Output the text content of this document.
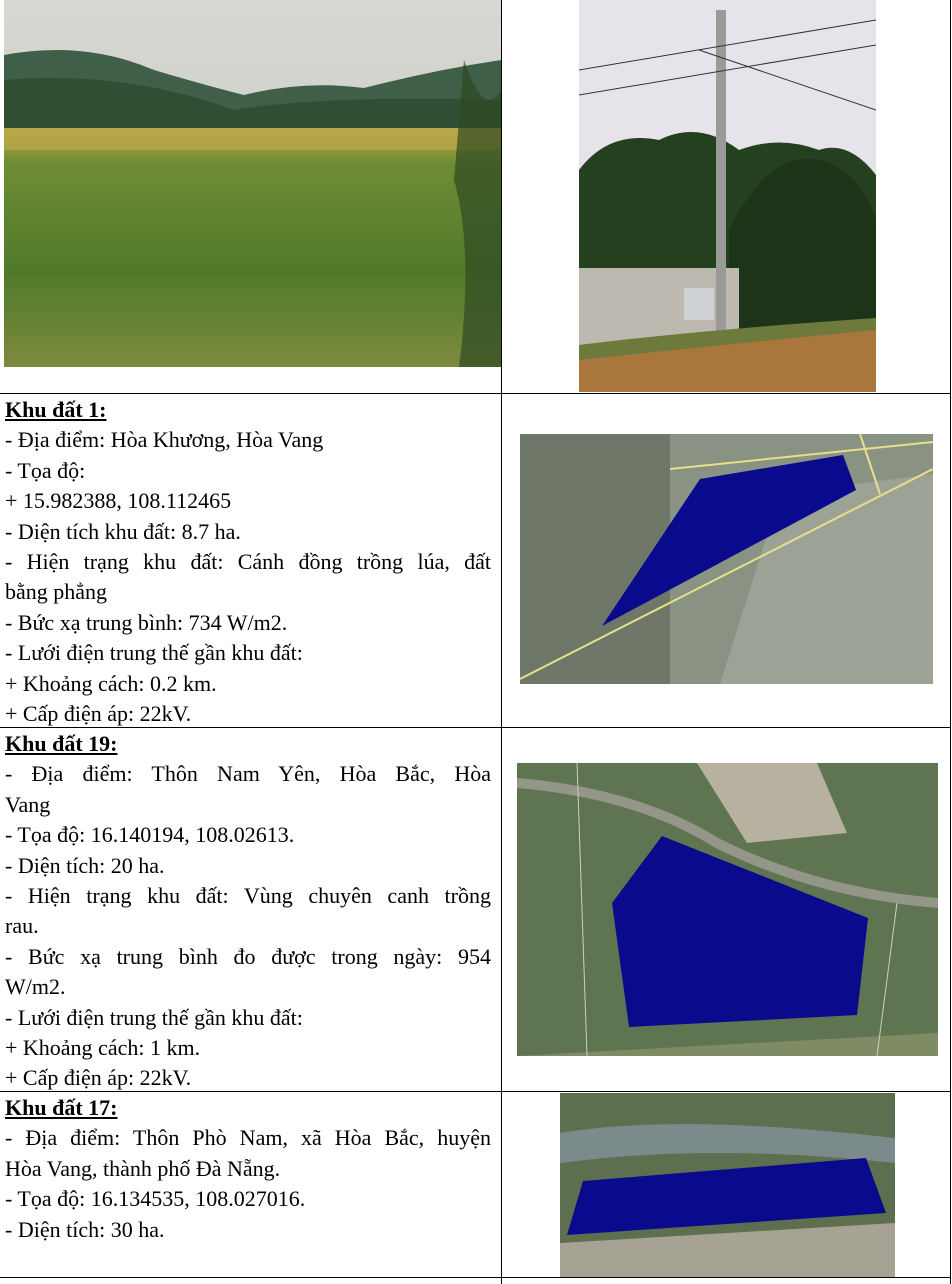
Khu đất 1:
- Địa điểm: Hòa Khương, Hòa Vang
- Tọa độ:
+ 15.982388, 108.112465
- Diện tích khu đất: 8.7 ha.
- Hiện trạng khu đất: Cánh đồng trồng lúa, đất
bằng phẳng
- Bức xạ trung bình: 734 W/m2.
- Lưới điện trung thế gần khu đất:
+ Khoảng cách: 0.2 km.
+ Cấp điện áp: 22kV.
Khu đất 19:
- Địa điểm: Thôn Nam Yên, Hòa Bắc, Hòa
Vang
- Tọa độ: 16.140194, 108.02613.
- Diện tích: 20 ha.
- Hiện trạng khu đất: Vùng chuyên canh trồng
rau.
- Bức xạ trung bình đo được trong ngày: 954
W/m2.
- Lưới điện trung thế gần khu đất:
+ Khoảng cách: 1 km.
+ Cấp điện áp: 22kV.
Khu đất 17:
- Địa điểm: Thôn Phò Nam, xã Hòa Bắc, huyện
Hòa Vang, thành phố Đà Nẵng.
- Tọa độ: 16.134535, 108.027016.
- Diện tích: 30 ha.
